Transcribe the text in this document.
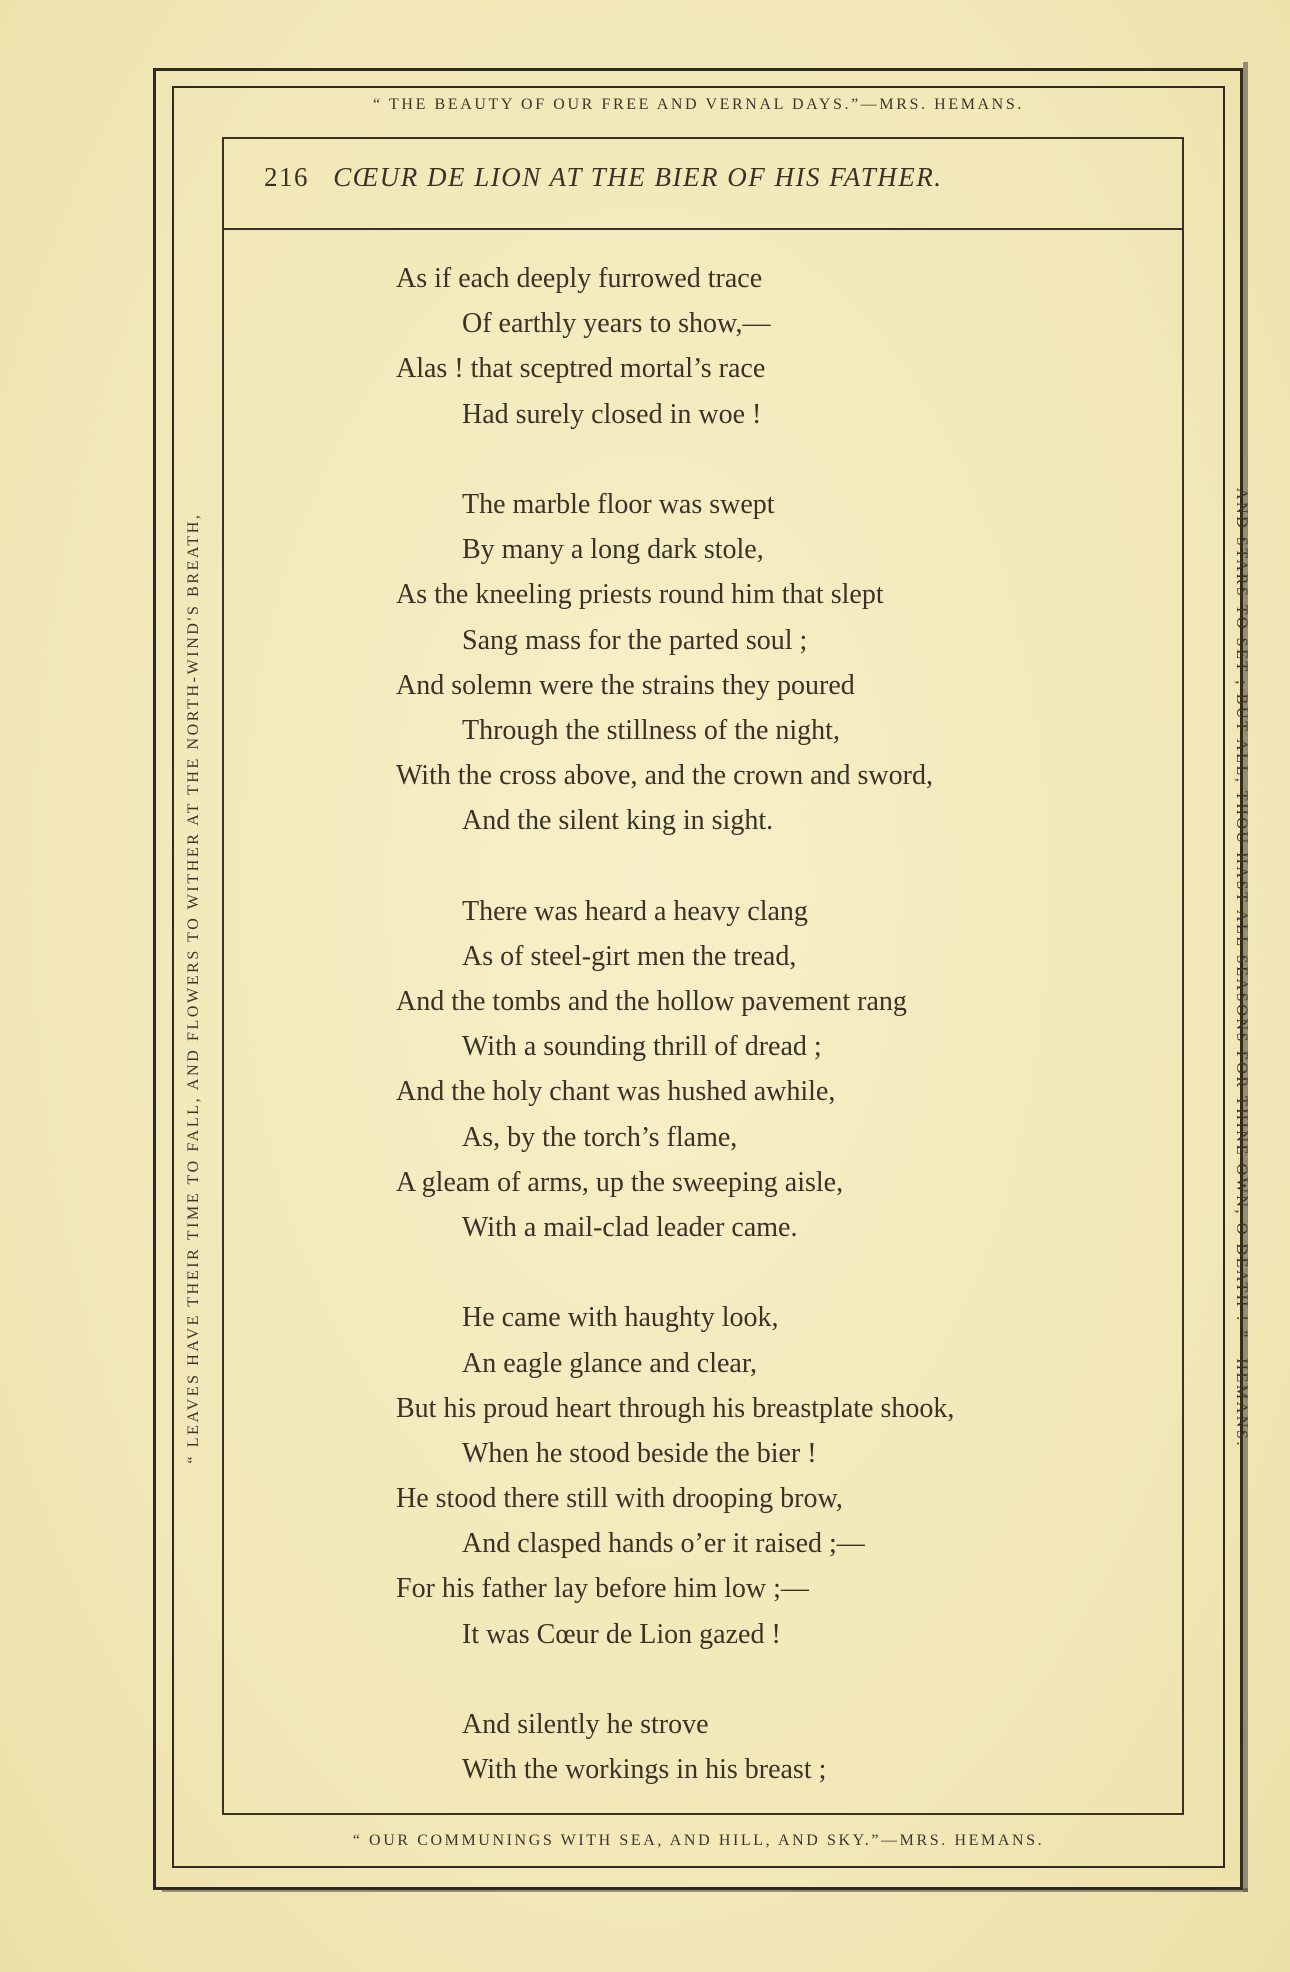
“ THE BEAUTY OF OUR FREE AND VERNAL DAYS.”—MRS. HEMANS.
“ OUR COMMUNINGS WITH SEA, AND HILL, AND SKY.”—MRS. HEMANS.
“ LEAVES HAVE THEIR TIME TO FALL, AND FLOWERS TO WITHER AT THE NORTH-WIND'S BREATH,	AND STARS TO SET ; BUT ALL, THOU HAST ALL SEASONS FOR THINE OWN, O DEATH ! ”—HEMANS.
216 CŒUR DE LION AT THE BIER OF HIS FATHER.
As if each deeply furrowed trace
Of earthly years to show,—
Alas ! that sceptred mortal’s race
Had surely closed in woe !
The marble floor was swept
By many a long dark stole,
As the kneeling priests round him that slept
Sang mass for the parted soul ;
And solemn were the strains they poured
Through the stillness of the night,
With the cross above, and the crown and sword,
And the silent king in sight.
There was heard a heavy clang
As of steel-girt men the tread,
And the tombs and the hollow pavement rang
With a sounding thrill of dread ;
And the holy chant was hushed awhile,
As, by the torch’s flame,
A gleam of arms, up the sweeping aisle,
With a mail-clad leader came.
He came with haughty look,
An eagle glance and clear,
But his proud heart through his breastplate shook,
When he stood beside the bier !
He stood there still with drooping brow,
And clasped hands o’er it raised ;—
For his father lay before him low ;—
It was Cœur de Lion gazed !
And silently he strove
With the workings in his breast ;
